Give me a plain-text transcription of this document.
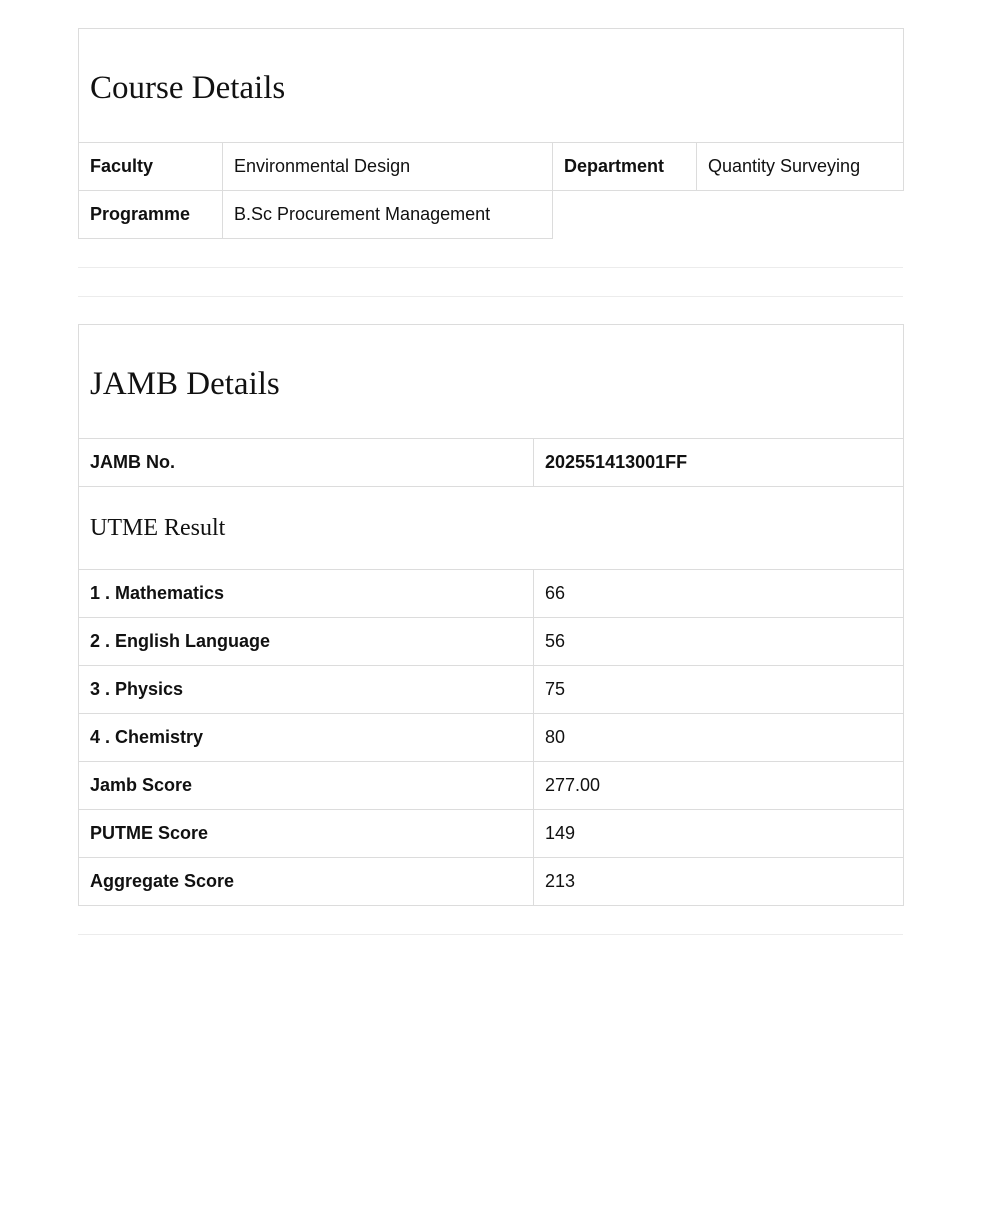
Course Details			
Faculty	Environmental Design	Department	Quantity Surveying
Programme	B.Sc Procurement Management		
JAMB Details	
JAMB No.	202551413001FF
UTME Result	
1 . Mathematics	66
2 . English Language	56
3 . Physics	75
4 . Chemistry	80
Jamb Score	277.00
PUTME Score	149
Aggregate Score	213
